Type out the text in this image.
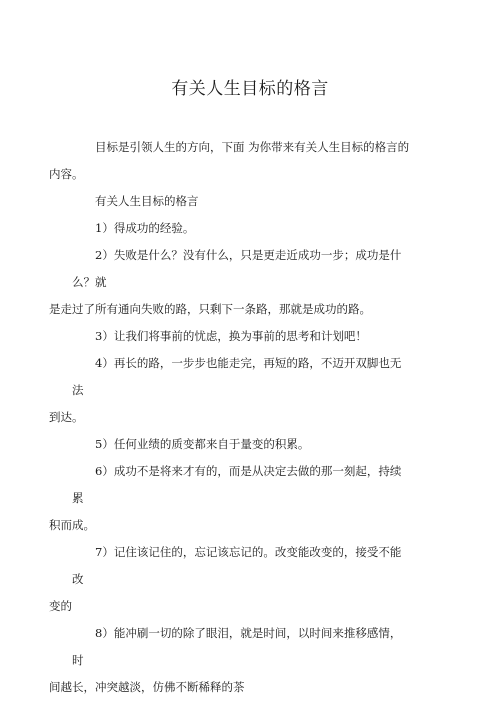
有关人生目标的格言

目标是引领人生的方向，下面 为你带来有关人生目标的格言的
内容。

有关人生目标的格言

1）得成功的经验。

2）失败是什么？没有什么，只是更走近成功一步；成功是什么？就
是走过了所有通向失败的路，只剩下一条路，那就是成功的路。

3）让我们将事前的忧虑，换为事前的思考和计划吧！

4）再长的路，一步步也能走完，再短的路，不迈开双脚也无法
到达。

5）任何业绩的质变都来自于量变的积累。

6）成功不是将来才有的，而是从决定去做的那一刻起，持续累
积而成。

7）记住该记住的，忘记该忘记的。改变能改变的，接受不能改
变的

8）能冲刷一切的除了眼泪，就是时间，以时间来推移感情，时
间越长，冲突越淡，仿佛不断稀释的茶
